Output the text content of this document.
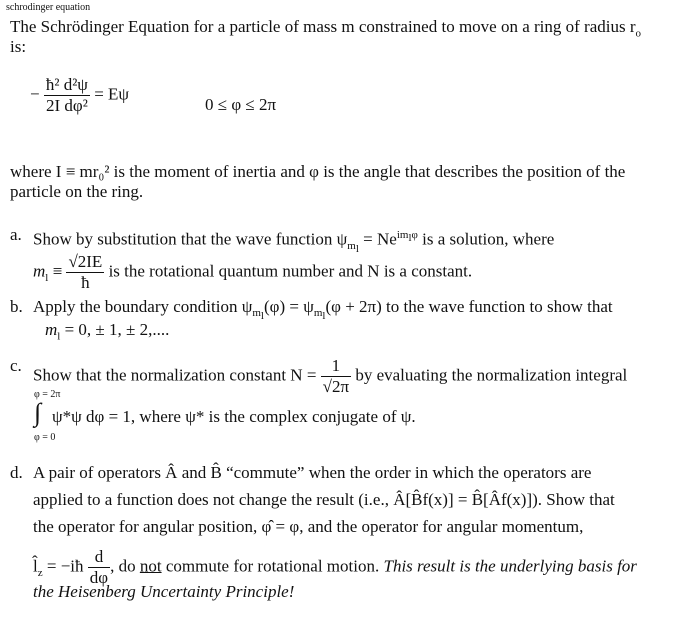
schrodinger equation
The Schrödinger Equation for a particle of mass m constrained to move on a ring of radius $r_o$
is:
− $\frac{\text{ħ² d²ψ}}{\text{2I dφ²}} = E\psi$
0 ≤ φ ≤ 2π
where I ≡ mr₀² is the moment of inertia and φ is the angle that describes the position of the
particle on the ring.
a. Show by substitution that the wave function $\psi_{m_l} = Ne^{im_l\varphi}$ is a solution, where
$m_l \equiv \frac{√2IE}{ħ}$ is the rotational quantum number and N is a constant.
b. Apply the boundary condition $\psi_{m_l}(\varphi) = \psi_{m_l}(\varphi + 2\pi)$ to the wave function to show that
$m_l = 0$, ± 1, ± 2,....
c. Show that the normalization constant $N = \frac{1}{√2\pi}$ by evaluating the normalization integral
φ = 2π
∫ ψ*ψ dφ = 1, where ψ* is the complex conjugate of ψ.
φ = 0
d. A pair of operators Â and B̂ “commute” when the order in which the operators are
applied to a function does not change the result (i.e., Â[B̂f(x)] = B̂[Âf(x)]). Show that
the operator for angular position, φ̂ = φ, and the operator for angular momentum,
$l̂_z$ = −iħ $\frac{d}{d\varphi}$ , do not commute for rotational motion. This result is the underlying basis for
the Heisenberg Uncertainty Principle!
